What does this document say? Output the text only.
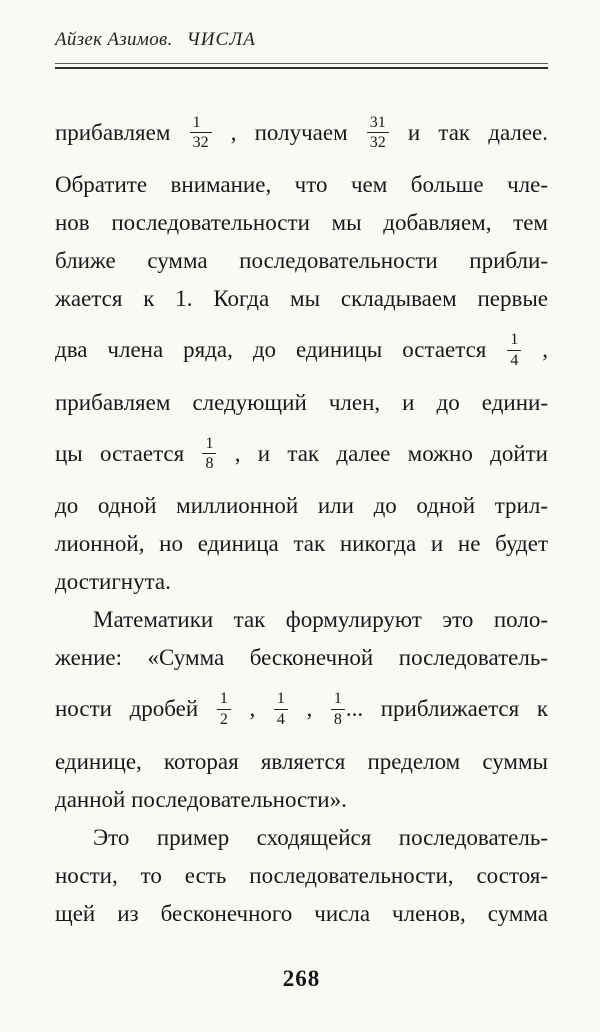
Айзек Азимов. ЧИСЛА
прибавляем $\frac{1}{32}$ , получаем $\frac{31}{32}$ и так далее.
Обратите внимание, что чем больше чле-
нов последовательности мы добавляем, тем
ближе сумма последовательности прибли-
жается к 1. Когда мы складываем первые
два члена ряда, до единицы остается $\frac{1}{4}$ ,
прибавляем следующий член, и до едини-
цы остается $\frac{1}{8}$ , и так далее можно дойти
до одной миллионной или до одной трил-
лионной, но единица так никогда и не будет
достигнута.
Математики так формулируют это поло-
жение: «Сумма бесконечной последователь-
ности дробей $\frac{1}{2}$ , $\frac{1}{4}$ , $\frac{1}{8}$ ... приближается к
единице, которая является пределом суммы
данной последовательности».
Это пример сходящейся последователь-
ности, то есть последовательности, состоя-
щей из бесконечного числа членов, сумма
268
